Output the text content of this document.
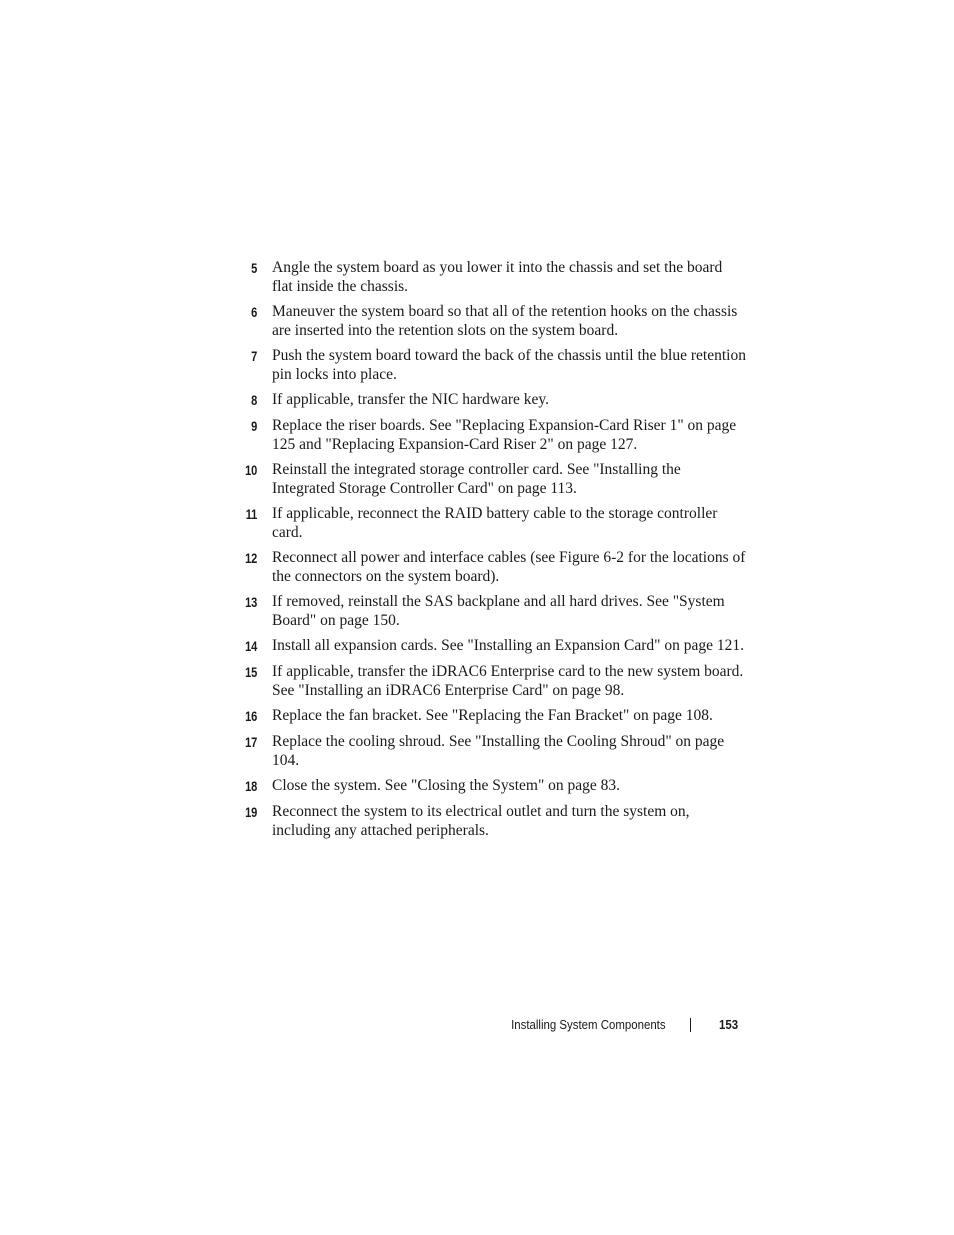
5 Angle the system board as you lower it into the chassis and set the board flat inside the chassis.
6 Maneuver the system board so that all of the retention hooks on the chassis are inserted into the retention slots on the system board.
7 Push the system board toward the back of the chassis until the blue retention pin locks into place.
8 If applicable, transfer the NIC hardware key.
9 Replace the riser boards. See "Replacing Expansion-Card Riser 1" on page 125 and "Replacing Expansion-Card Riser 2" on page 127.
10 Reinstall the integrated storage controller card. See "Installing the Integrated Storage Controller Card" on page 113.
11 If applicable, reconnect the RAID battery cable to the storage controller card.
12 Reconnect all power and interface cables (see Figure 6-2 for the locations of the connectors on the system board).
13 If removed, reinstall the SAS backplane and all hard drives. See "System Board" on page 150.
14 Install all expansion cards. See "Installing an Expansion Card" on page 121.
15 If applicable, transfer the iDRAC6 Enterprise card to the new system board. See "Installing an iDRAC6 Enterprise Card" on page 98.
16 Replace the fan bracket. See "Replacing the Fan Bracket" on page 108.
17 Replace the cooling shroud. See "Installing the Cooling Shroud" on page 104.
18 Close the system. See "Closing the System" on page 83.
19 Reconnect the system to its electrical outlet and turn the system on, including any attached peripherals.
Installing System Components	153
